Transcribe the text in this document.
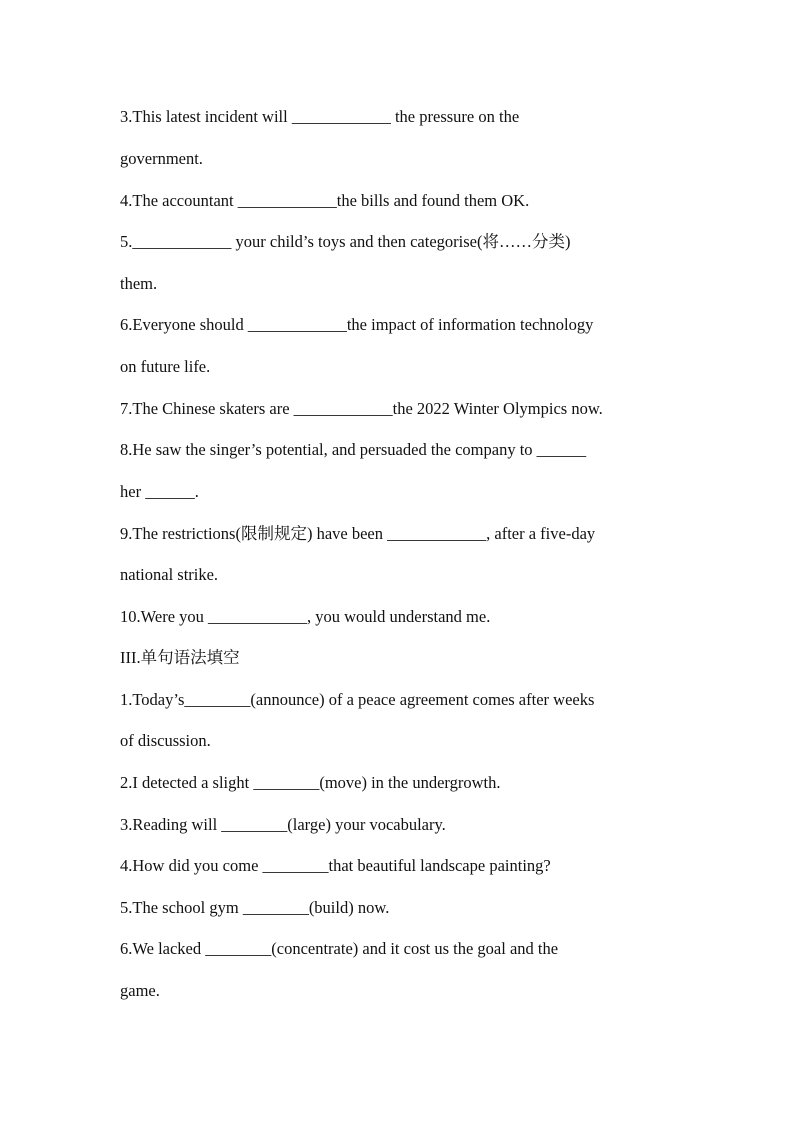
3.This latest incident will ____________ the pressure on the
government.
4.The accountant ____________the bills and found them OK.
5.____________ your child’s toys and then categorise(将……分类)
them.
6.Everyone should ____________the impact of information technology
on future life.
7.The Chinese skaters are ____________the 2022 Winter Olympics now.
8.He saw the singer’s potential, and persuaded the company to ______
her ______.
9.The restrictions(限制规定) have been ____________, after a five-day
national strike.
10.Were you ____________, you would understand me.
III.单句语法填空
1.Today’s________(announce) of a peace agreement comes after weeks
of discussion.
2.I detected a slight ________(move) in the undergrowth.
3.Reading will ________(large) your vocabulary.
4.How did you come ________that beautiful landscape painting?
5.The school gym ________(build) now.
6.We lacked ________(concentrate) and it cost us the goal and the
game.
